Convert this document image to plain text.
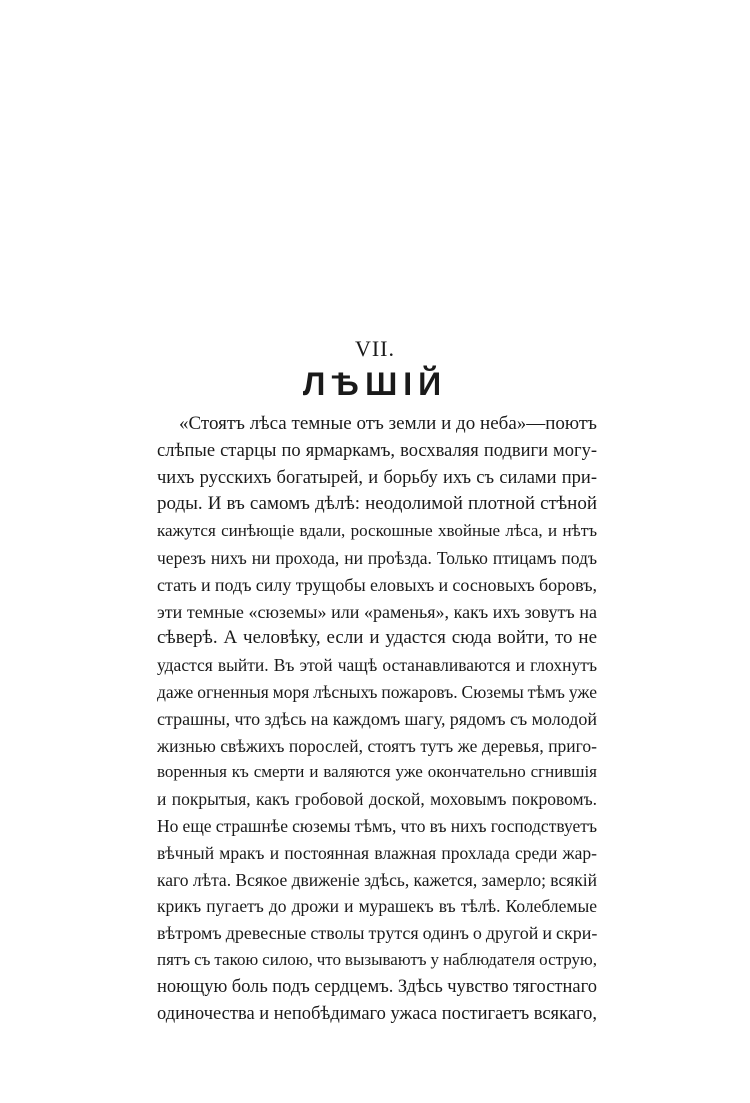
VII.
ЛѢШІЙ
«Стоятъ лѣса темные отъ земли и до неба»—поютъ
слѣпые старцы по ярмаркамъ, восхваляя подвиги могу-
чихъ русскихъ богатырей, и борьбу ихъ съ силами при-
роды. И въ самомъ дѣлѣ: неодолимой плотной стѣной
кажутся синѣющіе вдали, роскошные хвойные лѣса, и нѣтъ
черезъ нихъ ни прохода, ни проѣзда. Только птицамъ подъ
стать и подъ силу трущобы еловыхъ и сосновыхъ боровъ,
эти темные «сюземы» или «раменья», какъ ихъ зовутъ на
сѣверѣ. А человѣку, если и удастся сюда войти, то не
удастся выйти. Въ этой чащѣ останавливаются и глохнутъ
даже огненныя моря лѣсныхъ пожаровъ. Сюземы тѣмъ уже
страшны, что здѣсь на каждомъ шагу, рядомъ съ молодой
жизнью свѣжихъ порослей, стоятъ тутъ же деревья, приго-
воренныя къ смерти и валяются уже окончательно сгнившія
и покрытыя, какъ гробовой доской, моховымъ покровомъ.
Но еще страшнѣе сюземы тѣмъ, что въ нихъ господствуетъ
вѣчный мракъ и постоянная влажная прохлада среди жар-
каго лѣта. Всякое движеніе здѣсь, кажется, замерло; всякій
крикъ пугаетъ до дрожи и мурашекъ въ тѣлѣ. Колеблемые
вѣтромъ древесные стволы трутся одинъ о другой и скри-
пятъ съ такою силою, что вызываютъ у наблюдателя острую,
ноющую боль подъ сердцемъ. Здѣсь чувство тягостнаго
одиночества и непобѣдимаго ужаса постигаетъ всякаго,
